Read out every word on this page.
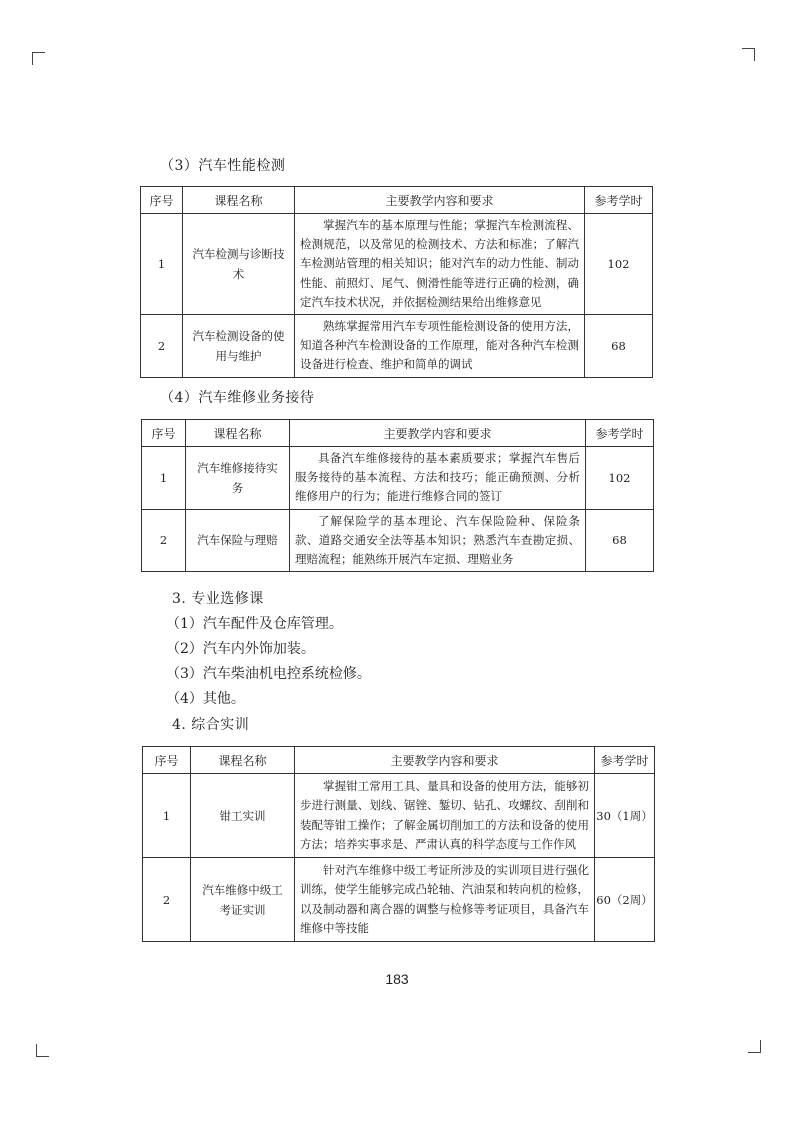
（3）汽车性能检测
序号	课程名称	主要教学内容和要求	参考学时
1	汽车检测与诊断技术	掌握汽车的基本原理与性能；掌握汽车检测流程、检测规范，以及常见的检测技术、方法和标准；了解汽车检测站管理的相关知识；能对汽车的动力性能、制动性能、前照灯、尾气、侧滑性能等进行正确的检测，确定汽车技术状况，并依据检测结果给出维修意见	102
2	汽车检测设备的使用与维护	熟练掌握常用汽车专项性能检测设备的使用方法，知道各种汽车检测设备的工作原理，能对各种汽车检测设备进行检查、维护和简单的调试	68
（4）汽车维修业务接待
序号	课程名称	主要教学内容和要求	参考学时
1	汽车维修接待实务	具备汽车维修接待的基本素质要求；掌握汽车售后服务接待的基本流程、方法和技巧；能正确预测、分析维修用户的行为；能进行维修合同的签订	102
2	汽车保险与理赔	了解保险学的基本理论、汽车保险险种、保险条款、道路交通安全法等基本知识；熟悉汽车查勘定损、理赔流程；能熟练开展汽车定损、理赔业务	68
3. 专业选修课
（1）汽车配件及仓库管理。
（2）汽车内外饰加装。
（3）汽车柴油机电控系统检修。
（4）其他。
4. 综合实训
序号	课程名称	主要教学内容和要求	参考学时
1	钳工实训	掌握钳工常用工具、量具和设备的使用方法，能够初步进行测量、划线、锯锉、錾切、钻孔、攻螺纹、刮削和装配等钳工操作；了解金属切削加工的方法和设备的使用方法；培养实事求是、严肃认真的科学态度与工作作风	30（1周）
2	汽车维修中级工考证实训	针对汽车维修中级工考证所涉及的实训项目进行强化训练，使学生能够完成凸轮轴、汽油泵和转向机的检修，以及制动器和离合器的调整与检修等考证项目，具备汽车维修中等技能	60（2周）
183
